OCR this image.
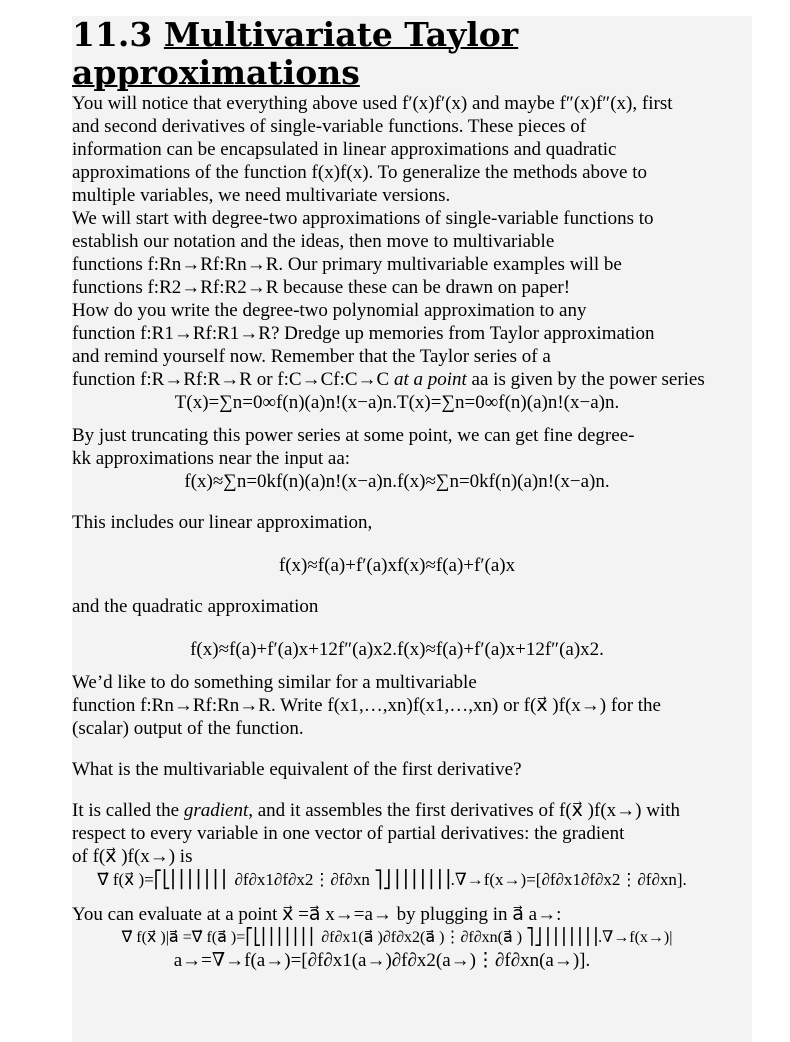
11.3 Multivariate Taylor
approximations

You will notice that everything above used f′(x)f′(x) and maybe f″(x)f″(x), first

and second derivatives of single-variable functions. These pieces of

information can be encapsulated in linear approximations and quadratic

approximations of the function f(x)f(x). To generalize the methods above to

multiple variables, we need multivariate versions.

We will start with degree-two approximations of single-variable functions to

establish our notation and the ideas, then move to multivariable

functions f:Rn→Rf:Rn→R. Our primary multivariable examples will be

functions f:R2→Rf:R2→R because these can be drawn on paper!

How do you write the degree-two polynomial approximation to any

function f:R1→Rf:R1→R? Dredge up memories from Taylor approximation

and remind yourself now. Remember that the Taylor series of a

function f:R→Rf:R→R or f:C→Cf:C→C at a point aa is given by the power series

T(x)=∑n=0∞f(n)(a)n!(x−a)n.T(x)=∑n=0∞f(n)(a)n!(x−a)n.

By just truncating this power series at some point, we can get fine degree-

kk approximations near the input aa:

f(x)≈∑n=0kf(n)(a)n!(x−a)n.f(x)≈∑n=0kf(n)(a)n!(x−a)n.

This includes our linear approximation,

f(x)≈f(a)+f′(a)xf(x)≈f(a)+f′(a)x

and the quadratic approximation

f(x)≈f(a)+f′(a)x+12f″(a)x2.f(x)≈f(a)+f′(a)x+12f″(a)x2.

We’d like to do something similar for a multivariable

function f:Rn→Rf:Rn→R. Write f(x1,…,xn)f(x1,…,xn) or f(x⃗ )f(x→) for the

(scalar) output of the function.

What is the multivariable equivalent of the first derivative?

It is called the gradient, and it assembles the first derivatives of f(x⃗ )f(x→) with

respect to every variable in one vector of partial derivatives: the gradient

of f(x⃗ )f(x→) is

∇⃗ f(x⃗ )=⎡⎣⎢⎢⎢⎢⎢⎢⎢ ∂f∂x1∂f∂x2⋮∂f∂xn ⎤⎦⎥⎥⎥⎥⎥⎥⎥.∇→f(x→)=[∂f∂x1∂f∂x2⋮∂f∂xn].

You can evaluate at a point x⃗ =a⃗ x→=a→ by plugging in a⃗ a→:

∇⃗ f(x⃗ )|a⃗ =∇⃗ f(a⃗ )=⎡⎣⎢⎢⎢⎢⎢⎢⎢ ∂f∂x1(a⃗ )∂f∂x2(a⃗ )⋮∂f∂xn(a⃗ ) ⎤⎦⎥⎥⎥⎥⎥⎥⎥.∇→f(x→)|

a→=∇→f(a→)=[∂f∂x1(a→)∂f∂x2(a→)⋮∂f∂xn(a→)].
